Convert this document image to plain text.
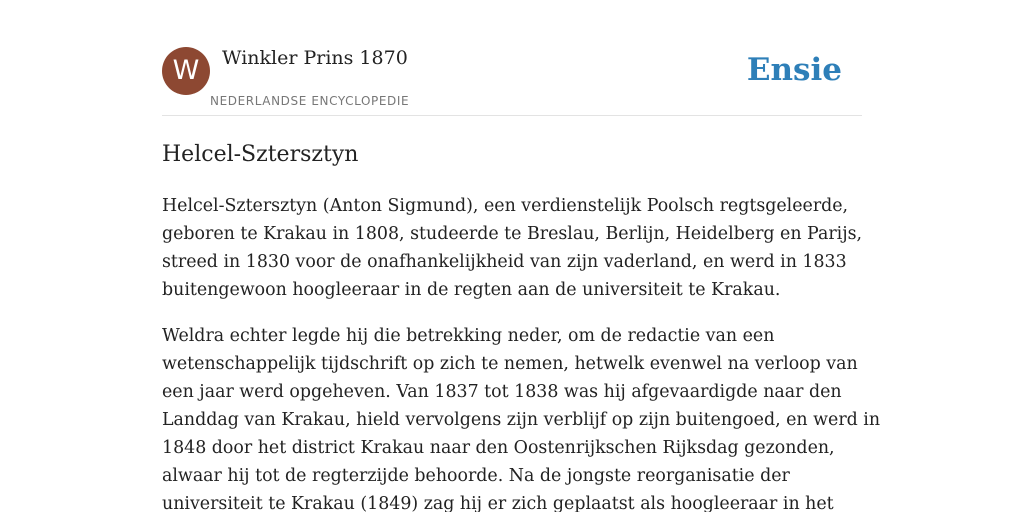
W	Winkler Prins 1870
NEDERLANDSE ENCYCLOPEDIE
Ensie
Helcel-Sztersztyn

Helcel-Sztersztyn (Anton Sigmund), een verdienstelijk Poolsch regtsgeleerde,
geboren te Krakau in 1808, studeerde te Breslau, Berlijn, Heidelberg en Parijs,
streed in 1830 voor de onafhankelijkheid van zijn vaderland, en werd in 1833
buitengewoon hoogleeraar in de regten aan de universiteit te Krakau.

Weldra echter legde hij die betrekking neder, om de redactie van een
wetenschappelijk tijdschrift op zich te nemen, hetwelk evenwel na verloop van
een jaar werd opgeheven. Van 1837 tot 1838 was hij afgevaardigde naar den
Landdag van Krakau, hield vervolgens zijn verblijf op zijn buitengoed, en werd in
1848 door het district Krakau naar den Oostenrijkschen Rijksdag gezonden,
alwaar hij tot de regterzijde behoorde. Na de jongste reorganisatie der
universiteit te Krakau (1849) zag hij er zich geplaatst als hoogleeraar in het
